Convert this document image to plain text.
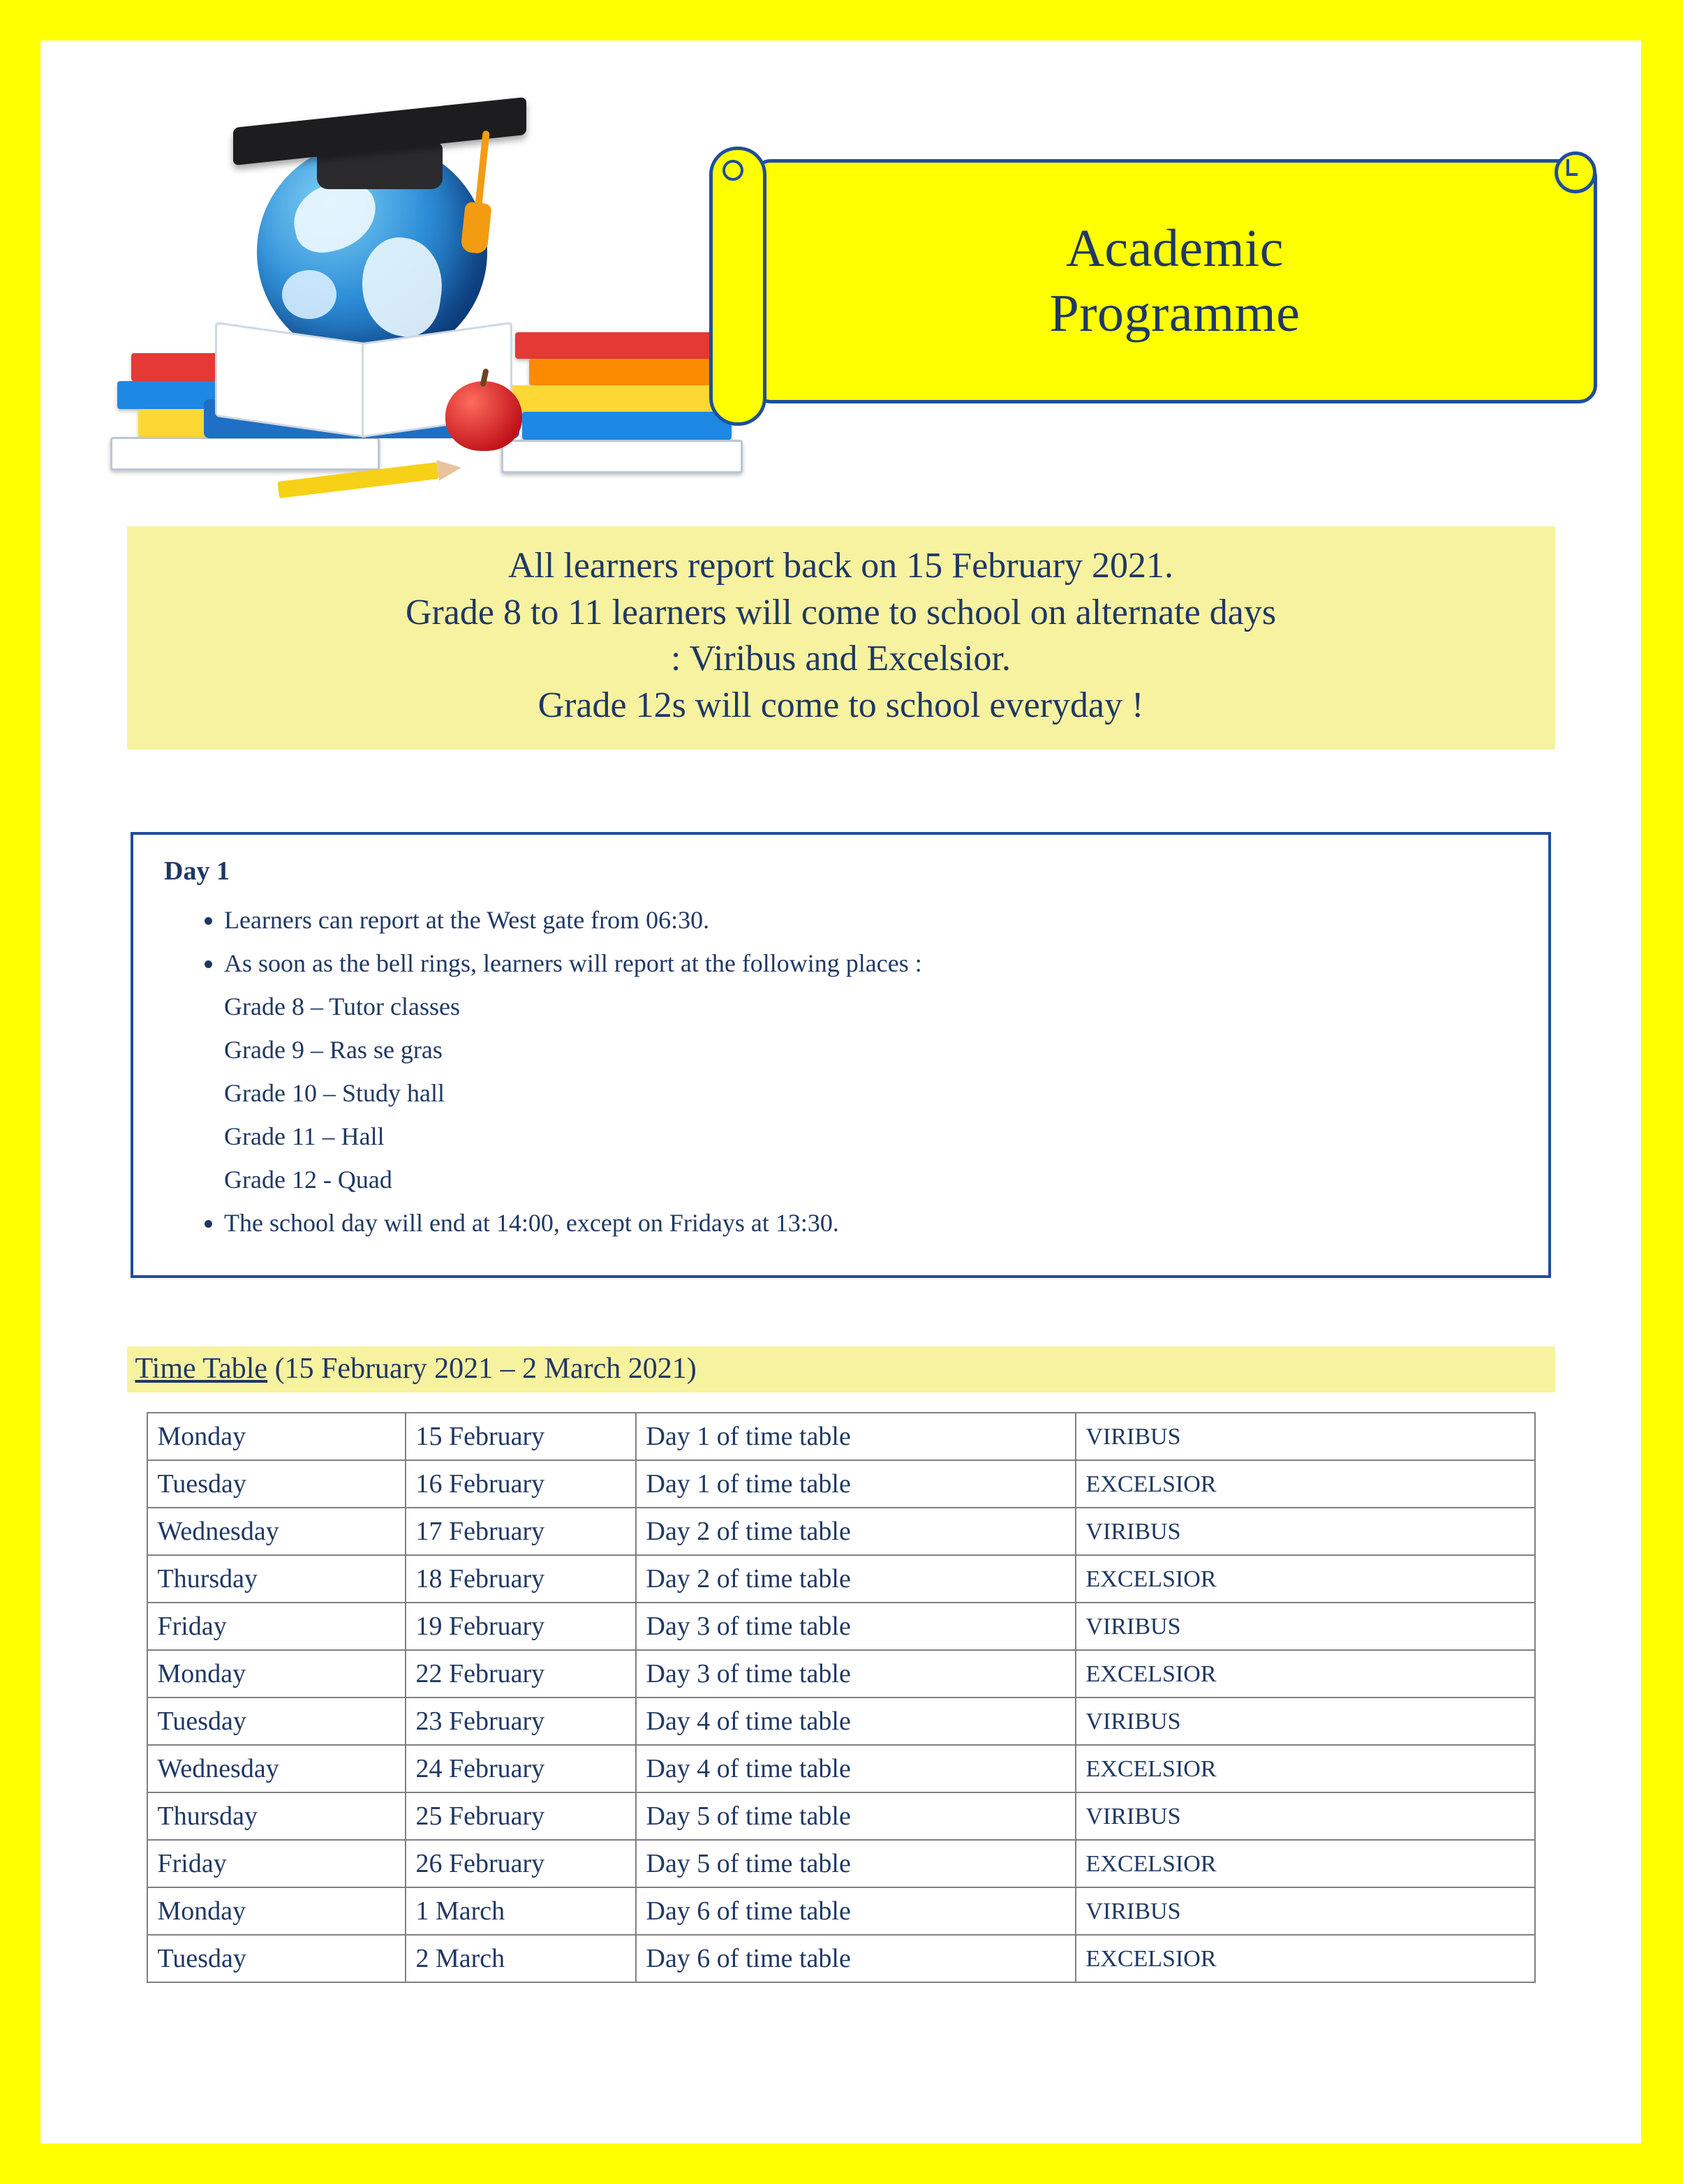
Academic
Programme

All learners report back on 15 February 2021.

Grade 8 to 11 learners will come to school on alternate days

: Viribus and Excelsior.

Grade 12s will come to school everyday !

Day 1
• Learners can report at the West gate from 06:30.
• As soon as the bell rings, learners will report at the following places :
Grade 8 – Tutor classes
Grade 9 – Ras se gras
Grade 10 – Study hall
Grade 11 – Hall
Grade 12 - Quad
• The school day will end at 14:00, except on Fridays at 13:30.
Time Table (15 February 2021 – 2 March 2021)
Monday	15 February	Day 1 of time table	VIRIBUS
Tuesday	16 February	Day 1 of time table	EXCELSIOR
Wednesday	17 February	Day 2 of time table	VIRIBUS
Thursday	18 February	Day 2 of time table	EXCELSIOR
Friday	19 February	Day 3 of time table	VIRIBUS
Monday	22 February	Day 3 of time table	EXCELSIOR
Tuesday	23 February	Day 4 of time table	VIRIBUS
Wednesday	24 February	Day 4 of time table	EXCELSIOR
Thursday	25 February	Day 5 of time table	VIRIBUS
Friday	26 February	Day 5 of time table	EXCELSIOR
Monday	1 March	Day 6 of time table	VIRIBUS
Tuesday	2 March	Day 6 of time table	EXCELSIOR
